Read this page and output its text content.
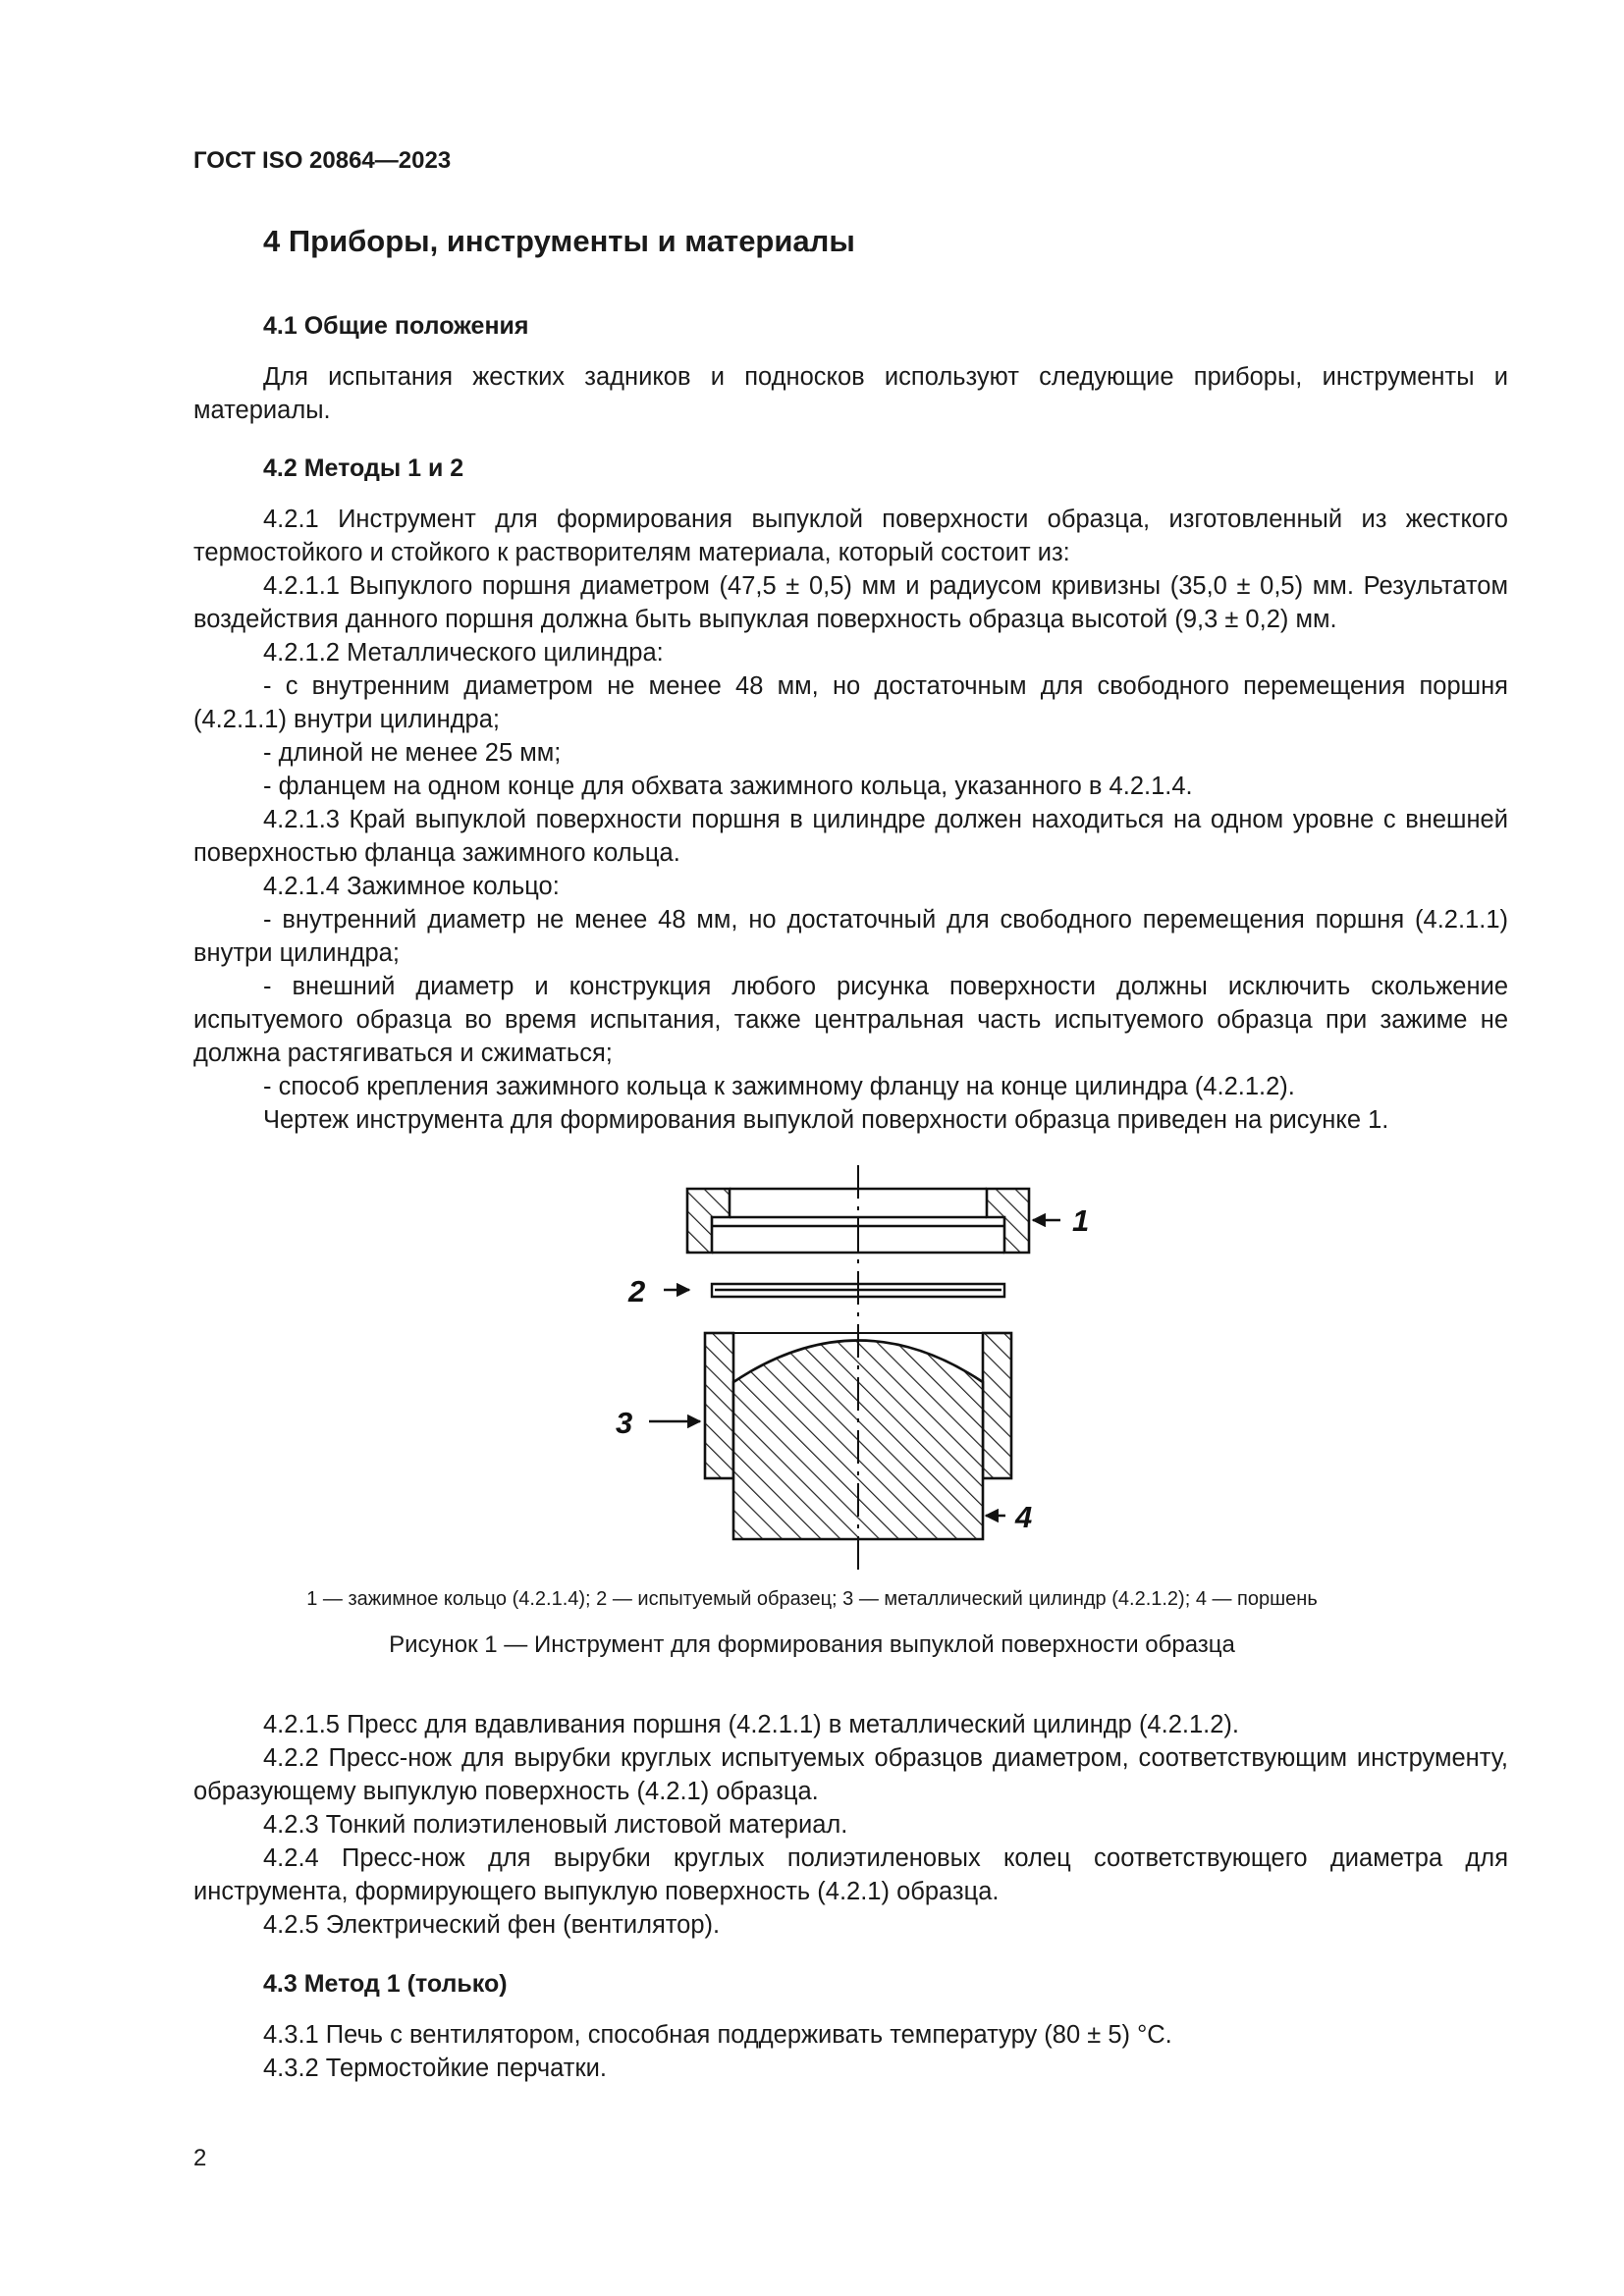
ГОСТ ISO 20864—2023
4 Приборы, инструменты и материалы
4.1 Общие положения
Для испытания жестких задников и подносков используют следующие приборы, инструменты и материалы.
4.2 Методы 1 и 2
4.2.1 Инструмент для формирования выпуклой поверхности образца, изготовленный из жесткого термостойкого и стойкого к растворителям материала, который состоит из:
4.2.1.1 Выпуклого поршня диаметром (47,5 ± 0,5) мм и радиусом кривизны (35,0 ± 0,5) мм. Результатом воздействия данного поршня должна быть выпуклая поверхность образца высотой (9,3 ± 0,2) мм.
4.2.1.2 Металлического цилиндра:
- с внутренним диаметром не менее 48 мм, но достаточным для свободного перемещения поршня (4.2.1.1) внутри цилиндра;
- длиной не менее 25 мм;
- фланцем на одном конце для обхвата зажимного кольца, указанного в 4.2.1.4.
4.2.1.3 Край выпуклой поверхности поршня в цилиндре должен находиться на одном уровне с внешней поверхностью фланца зажимного кольца.
4.2.1.4 Зажимное кольцо:
- внутренний диаметр не менее 48 мм, но достаточный для свободного перемещения поршня (4.2.1.1) внутри цилиндра;
- внешний диаметр и конструкция любого рисунка поверхности должны исключить скольжение испытуемого образца во время испытания, также центральная часть испытуемого образца при зажиме не должна растягиваться и сжиматься;
- способ крепления зажимного кольца к зажимному фланцу на конце цилиндра (4.2.1.2).
Чертеж инструмента для формирования выпуклой поверхности образца приведен на рисунке 1.
1
2
3
4
1 — зажимное кольцо (4.2.1.4); 2 — испытуемый образец; 3 — металлический цилиндр (4.2.1.2); 4 — поршень
Рисунок 1 — Инструмент для формирования выпуклой поверхности образца
4.2.1.5 Пресс для вдавливания поршня (4.2.1.1) в металлический цилиндр (4.2.1.2).
4.2.2 Пресс-нож для вырубки круглых испытуемых образцов диаметром, соответствующим инструменту, образующему выпуклую поверхность (4.2.1) образца.
4.2.3 Тонкий полиэтиленовый листовой материал.
4.2.4 Пресс-нож для вырубки круглых полиэтиленовых колец соответствующего диаметра для инструмента, формирующего выпуклую поверхность (4.2.1) образца.
4.2.5 Электрический фен (вентилятор).
4.3 Метод 1 (только)
4.3.1 Печь с вентилятором, способная поддерживать температуру (80 ± 5) °С.
4.3.2 Термостойкие перчатки.
2
